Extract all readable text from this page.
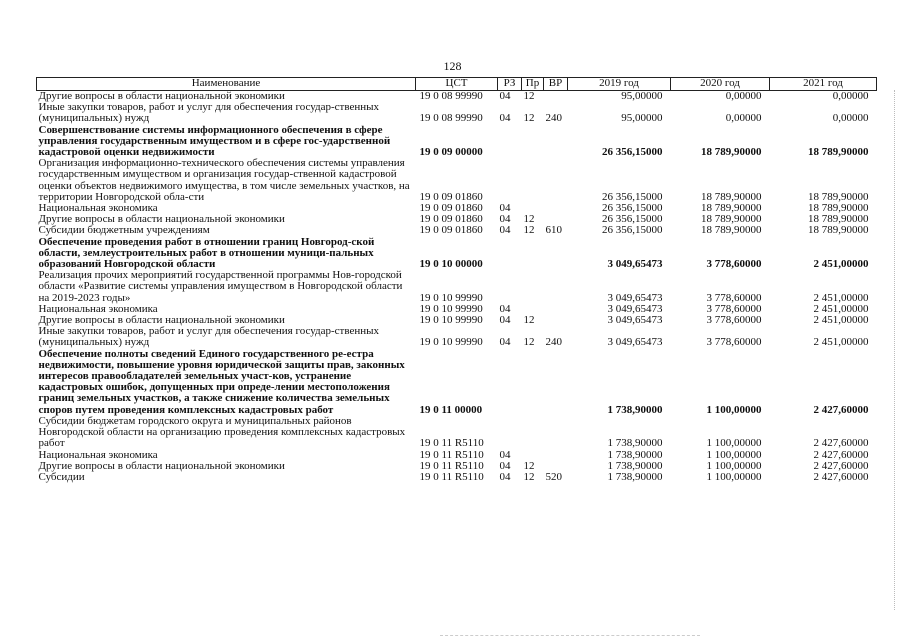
128
Наименование	ЦСТ	РЗ	Пр	ВР	2019 год	2020 год	2021 год
Другие вопросы в области национальной экономики	19 0 08 99990	04	12		95,00000	0,00000	0,00000
Иные закупки товаров, работ и услуг для обеспечения государ-ственных (муниципальных) нужд	19 0 08 99990	04	12	240	95,00000	0,00000	0,00000
Совершенствование системы информационного обеспечения в сфере управления государственным имуществом и в сфере гос-ударственной кадастровой оценки недвижимости	19 0 09 00000				26 356,15000	18 789,90000	18 789,90000
Организация информационно-технического обеспечения системы управления государственным имуществом и организация государ-ственной кадастровой оценки объектов недвижимого имущества, в том числе земельных участков, на территории Новгородской обла-сти	19 0 09 01860				26 356,15000	18 789,90000	18 789,90000
Национальная экономика	19 0 09 01860	04			26 356,15000	18 789,90000	18 789,90000
Другие вопросы в области национальной экономики	19 0 09 01860	04	12		26 356,15000	18 789,90000	18 789,90000
Субсидии бюджетным учреждениям	19 0 09 01860	04	12	610	26 356,15000	18 789,90000	18 789,90000
Обеспечение проведения работ в отношении границ Новгород-ской области, землеустроительных работ в отношении муници-пальных образований Новгородской области	19 0 10 00000				3 049,65473	3 778,60000	2 451,00000
Реализация прочих мероприятий государственной программы Нов-городской области «Развитие системы управления имуществом в Новгородской области на 2019-2023 годы»	19 0 10 99990				3 049,65473	3 778,60000	2 451,00000
Национальная экономика	19 0 10 99990	04			3 049,65473	3 778,60000	2 451,00000
Другие вопросы в области национальной экономики	19 0 10 99990	04	12		3 049,65473	3 778,60000	2 451,00000
Иные закупки товаров, работ и услуг для обеспечения государ-ственных (муниципальных) нужд	19 0 10 99990	04	12	240	3 049,65473	3 778,60000	2 451,00000
Обеспечение полноты сведений Единого государственного ре-естра недвижимости, повышение уровня юридической защиты прав, законных интересов правообладателей земельных участ-ков, устранение кадастровых ошибок, допущенных при опреде-лении местоположения границ земельных участков, а также снижение количества земельных споров путем проведения комплексных кадастровых работ	19 0 11 00000				1 738,90000	1 100,00000	2 427,60000
Субсидии бюджетам городского округа и муниципальных районов Новгородской области на организацию проведения комплексных кадастровых работ	19 0 11 R5110				1 738,90000	1 100,00000	2 427,60000
Национальная экономика	19 0 11 R5110	04			1 738,90000	1 100,00000	2 427,60000
Другие вопросы в области национальной экономики	19 0 11 R5110	04	12		1 738,90000	1 100,00000	2 427,60000
Субсидии	19 0 11 R5110	04	12	520	1 738,90000	1 100,00000	2 427,60000
